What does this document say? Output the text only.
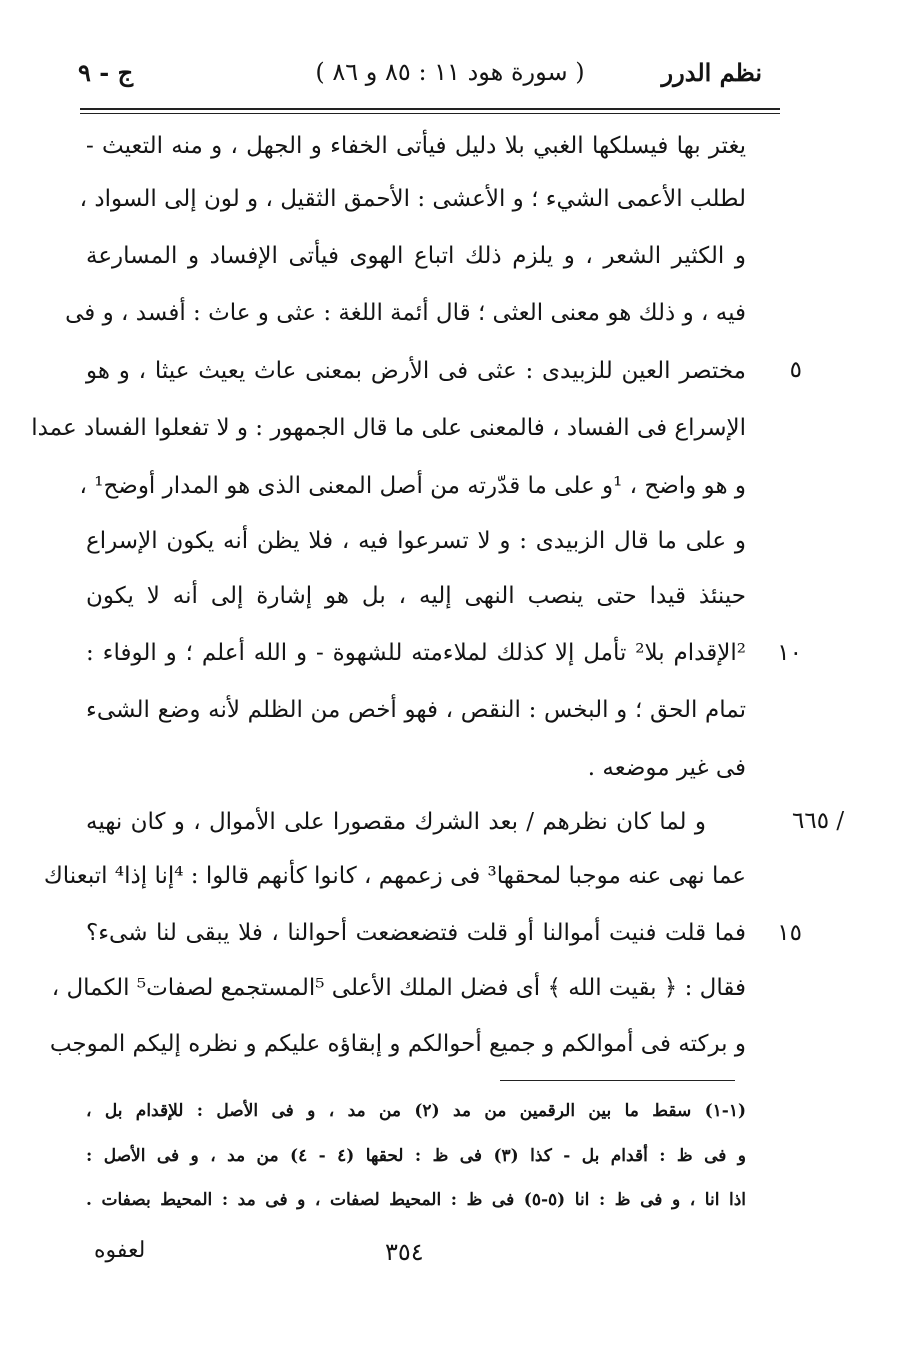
نظم الدرر
( سورة هود ١١ : ٨٥ و ٨٦ )
ج - ٩
يغتر بها فيسلكها الغبي بلا دليل فيأتى الخفاء و الجهل ، و منه التعيث -
لطلب الأعمى الشيء ؛ و الأعشى : الأحمق الثقيل ، و لون إلى السواد ،
و الكثير الشعر ، و يلزم ذلك اتباع الهوى فيأتى الإفساد و المسارعة
فيه ، و ذلك هو معنى العثى ؛ قال أئمة اللغة : عثى و عاث : أفسد ، و فى
مختصر العين للزبيدى : عثى فى الأرض بمعنى عاث يعيث عيثا ، و هو
الإسراع فى الفساد ، فالمعنى على ما قال الجمهور : و لا تفعلوا الفساد عمدا
و هو واضح ، ¹و على ما قدّرته من أصل المعنى الذى هو المدار أوضح¹ ،
و على ما قال الزبيدى : و لا تسرعوا فيه ، فلا يظن أنه يكون الإسراع
حينئذ قيدا حتى ينصب النهى إليه ، بل هو إشارة إلى أنه لا يكون
²الإقدام بلا² تأمل إلا كذلك لملاءمته للشهوة - و الله أعلم ؛ و الوفاء :
تمام الحق ؛ و البخس : النقص ، فهو أخص من الظلم لأنه وضع الشىء
فى غير موضعه .
و لما كان نظرهم / بعد الشرك مقصورا على الأموال ، و كان نهيه
عما نهى عنه موجبا لمحقها³ فى زعمهم ، كانوا كأنهم قالوا : ⁴إنا إذا⁴ اتبعناك
فما قلت فنيت أموالنا أو قلت فتضعضعت أحوالنا ، فلا يبقى لنا شىء؟
فقال : ﴿ بقيت الله ﴾ أى فضل الملك الأعلى ⁵المستجمع لصفات⁵ الكمال ،
و بركته فى أموالكم و جميع أحوالكم و إبقاؤه عليكم و نظره إليكم الموجب
٥
١٠
١٥
/ ٦٦٥
(١-١) سقط ما بين الرقمين من مد (٢) من مد ، و فى الأصل : للإقدام بل ،
و فى ظ : أقدام بل - كذا (٣) فى ظ : لحقها (٤ - ٤) من مد ، و فى الأصل :
اذا انا ، و فى ظ : انا (٥-٥) فى ظ : المحيط لصفات ، و فى مد : المحيط بصفات .
٣٥٤
لعفوه
